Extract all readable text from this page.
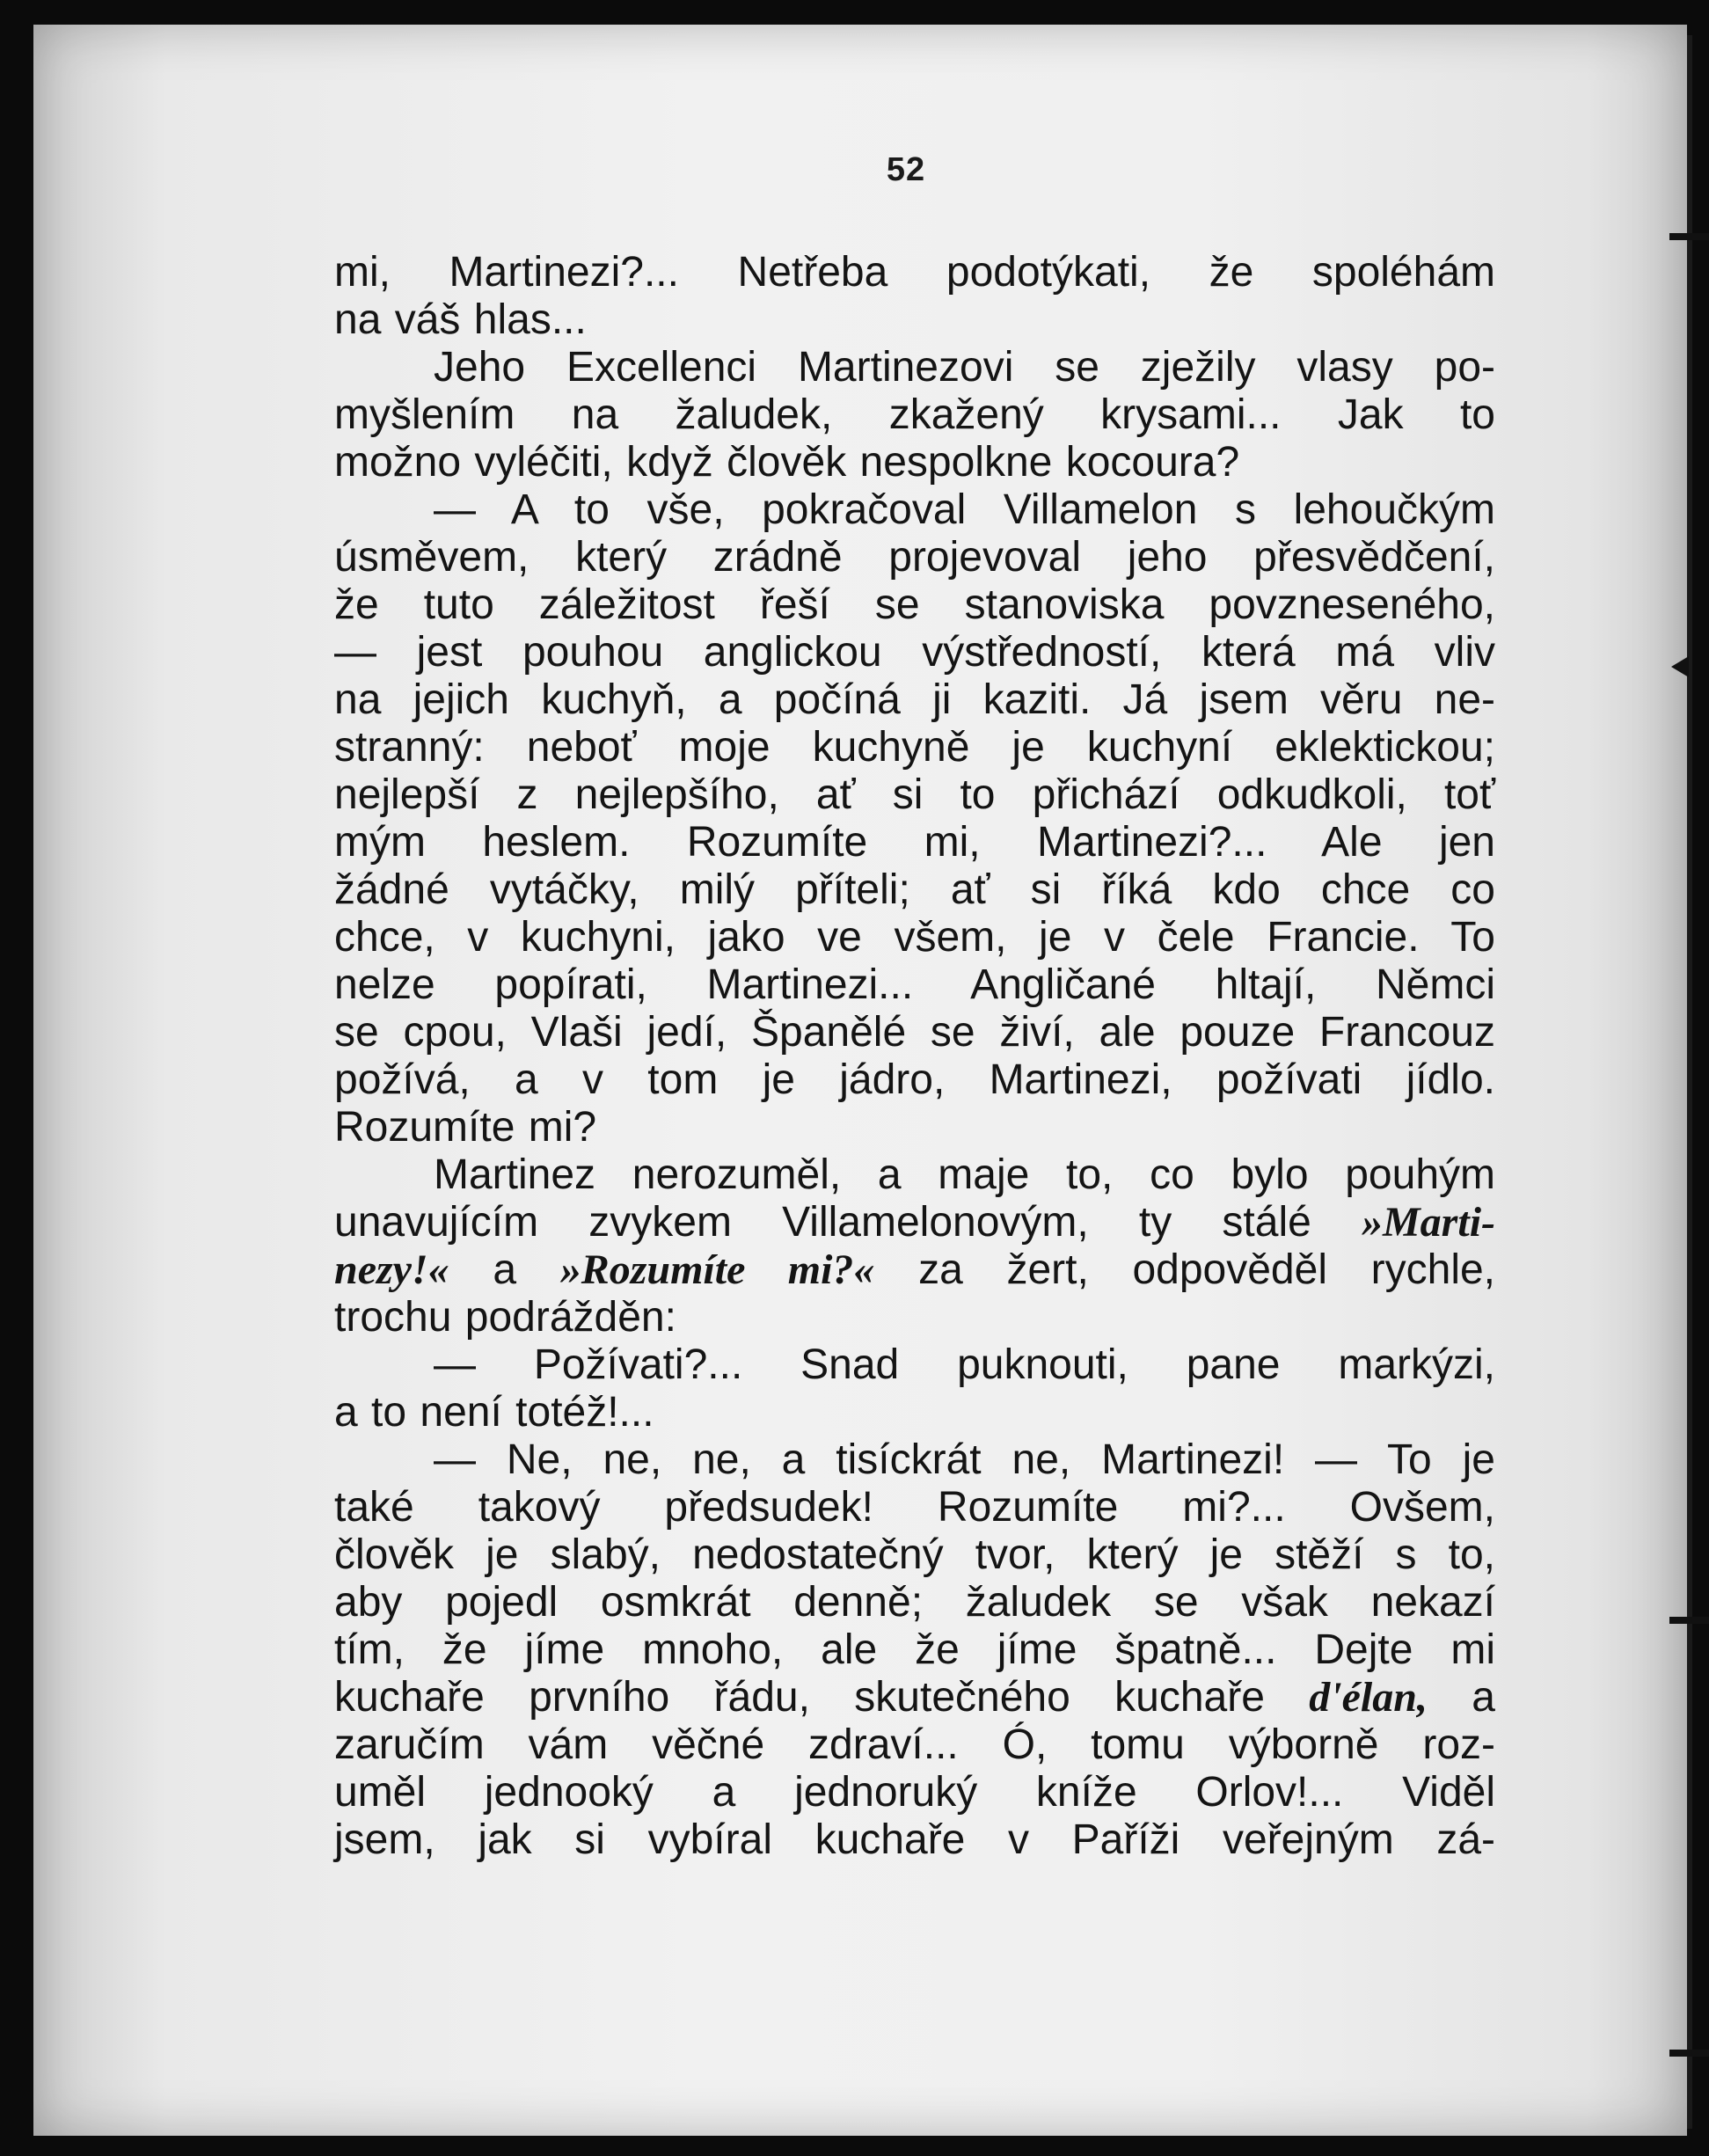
52
mi, Martinezi?... Netřeba podotýkati, že spoléhám
na váš hlas...
Jeho Excellenci Martinezovi se zježily vlasy po-
myšlením na žaludek, zkažený krysami... Jak to
možno vyléčiti, když člověk nespolkne kocoura?
— A to vše, pokračoval Villamelon s lehoučkým
úsměvem, který zrádně projevoval jeho přesvědčení,
že tuto záležitost řeší se stanoviska povzneseného,
— jest pouhou anglickou výstředností, která má vliv
na jejich kuchyň, a počíná ji kaziti. Já jsem věru ne-
stranný: neboť moje kuchyně je kuchyní eklektickou;
nejlepší z nejlepšího, ať si to přichází odkudkoli, toť
mým heslem. Rozumíte mi, Martinezi?... Ale jen
žádné vytáčky, milý příteli; ať si říká kdo chce co
chce, v kuchyni, jako ve všem, je v čele Francie. To
nelze popírati, Martinezi... Angličané hltají, Němci
se cpou, Vlaši jedí, Španělé se živí, ale pouze Francouz
požívá, a v tom je jádro, Martinezi, požívati jídlo.
Rozumíte mi?
Martinez nerozuměl, a maje to, co bylo pouhým
unavujícím zvykem Villamelonovým, ty stálé »Marti-
nezy!« a »Rozumíte mi?« za žert, odpověděl rychle,
trochu podrážděn:
— Požívati?... Snad puknouti, pane markýzi,
a to není totéž!...
— Ne, ne, ne, a tisíckrát ne, Martinezi! — To je
také takový předsudek! Rozumíte mi?... Ovšem,
člověk je slabý, nedostatečný tvor, který je stěží s to,
aby pojedl osmkrát denně; žaludek se však nekazí
tím, že jíme mnoho, ale že jíme špatně... Dejte mi
kuchaře prvního řádu, skutečného kuchaře d'élan, a
zaručím vám věčné zdraví... Ó, tomu výborně roz-
uměl jednooký a jednoruký kníže Orlov!... Viděl
jsem, jak si vybíral kuchaře v Paříži veřejným zá-
